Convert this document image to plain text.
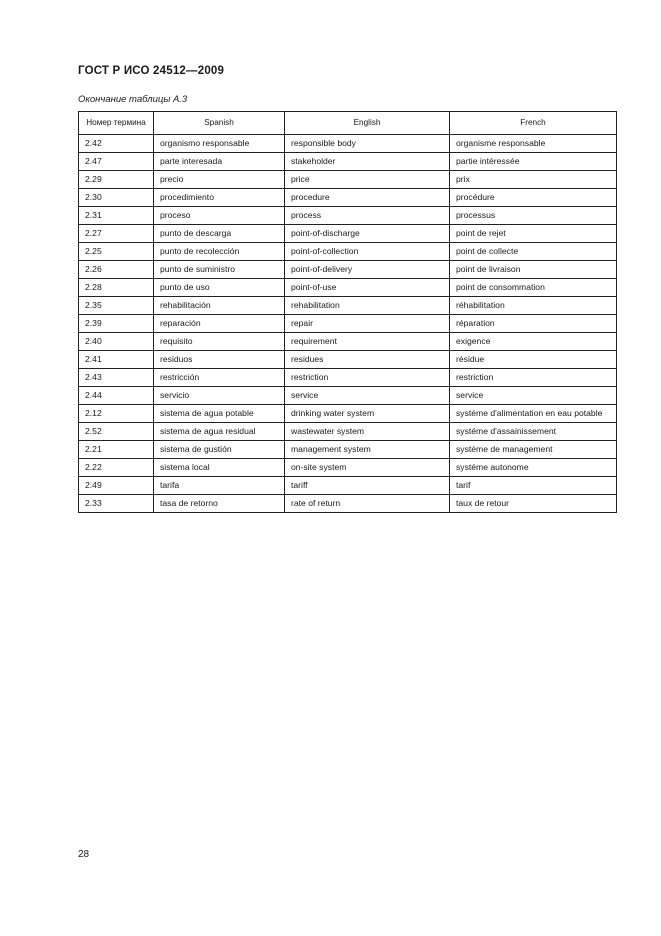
ГОСТ Р ИСО 24512—2009
Окончание таблицы А.3
Номер термина	Spanish	English	French
2.42	organismo responsable	responsible body	organisme responsable
2.47	parte interesada	stakeholder	partie intéressée
2.29	precio	price	prix
2.30	procedimiento	procedure	procédure
2.31	proceso	process	processus
2.27	punto de descarga	point-of-discharge	point de rejet
2.25	punto de recolección	point-of-collection	point de collecte
2.26	punto de suministro	point-of-delivery	point de livraison
2.28	punto de uso	point-of-use	point de consommation
2.35	rehabilitación	rehabilitation	réhabilitation
2.39	reparación	repair	réparation
2.40	requisito	requirement	exigence
2.41	residuos	residues	résidue
2.43	restricción	restriction	restriction
2.44	servicio	service	service
2.12	sistema de agua potable	drinking water system	systéme d'alimentation en eau potable
2.52	sistema de agua residual	wastewater system	systéme d'assainissement
2.21	sistema de gustión	management system	systéme de management
2.22	sistema local	on-site system	systéme autonome
2.49	tarifa	tariff	tarif
2.33	tasa de retorno	rate of return	taux de retour
28
